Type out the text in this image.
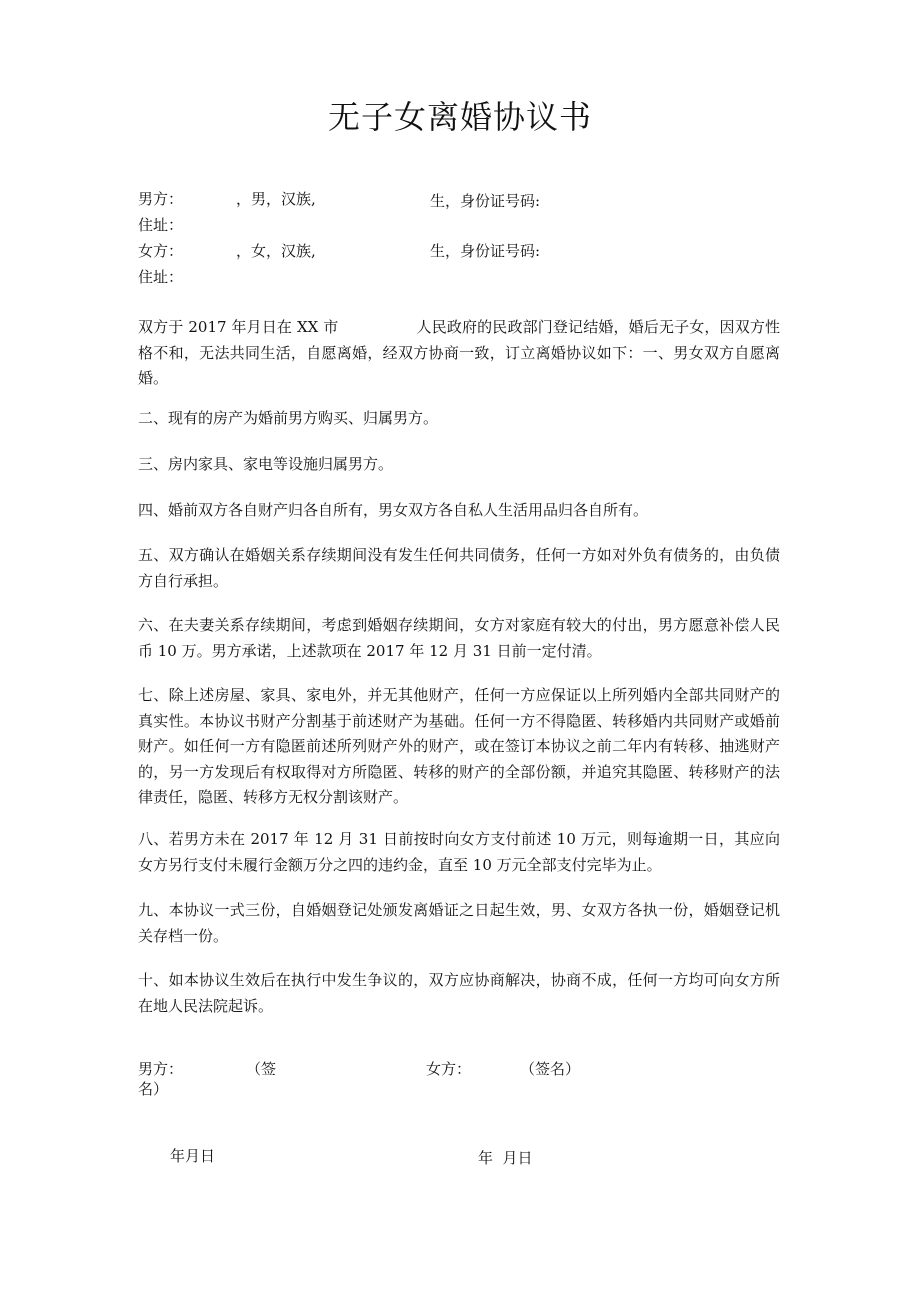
无子女离婚协议书
男方：	，男，汉族,	生，身份证号码:
住址：
女方：	，女，汉族,	生，身份证号码:
住址：
双方于 2017 年月日在 XX 市	人民政府的民政部门登记结婚，婚后无子女，因双方性格不和，无法共同生活，自愿离婚，经双方协商一致，订立离婚协议如下：一、男女双方自愿离婚。
二、现有的房产为婚前男方购买、归属男方。
三、房内家具、家电等设施归属男方。
四、婚前双方各自财产归各自所有，男女双方各自私人生活用品归各自所有。
五、双方确认在婚姻关系存续期间没有发生任何共同债务，任何一方如对外负有债务的，由负债方自行承担。
六、在夫妻关系存续期间，考虑到婚姻存续期间，女方对家庭有较大的付出，男方愿意补偿人民币 10 万。男方承诺，上述款项在 2017 年 12 月 31 日前一定付清。
七、除上述房屋、家具、家电外，并无其他财产，任何一方应保证以上所列婚内全部共同财产的真实性。本协议书财产分割基于前述财产为基础。任何一方不得隐匿、转移婚内共同财产或婚前财产。如任何一方有隐匿前述所列财产外的财产，或在签订本协议之前二年内有转移、抽逃财产的，另一方发现后有权取得对方所隐匿、转移的财产的全部份额，并追究其隐匿、转移财产的法律责任，隐匿、转移方无权分割该财产。
八、若男方未在 2017 年 12 月 31 日前按时向女方支付前述 10 万元，则每逾期一日，其应向女方另行支付未履行金额万分之四的违约金，直至 10 万元全部支付完毕为止。
九、本协议一式三份，自婚姻登记处颁发离婚证之日起生效，男、女双方各执一份，婚姻登记机关存档一份。
十、如本协议生效后在执行中发生争议的，双方应协商解决，协商不成，任何一方均可向女方所在地人民法院起诉。
男方：	（签
名）
女方：	（签名）
年月日	年  月日
